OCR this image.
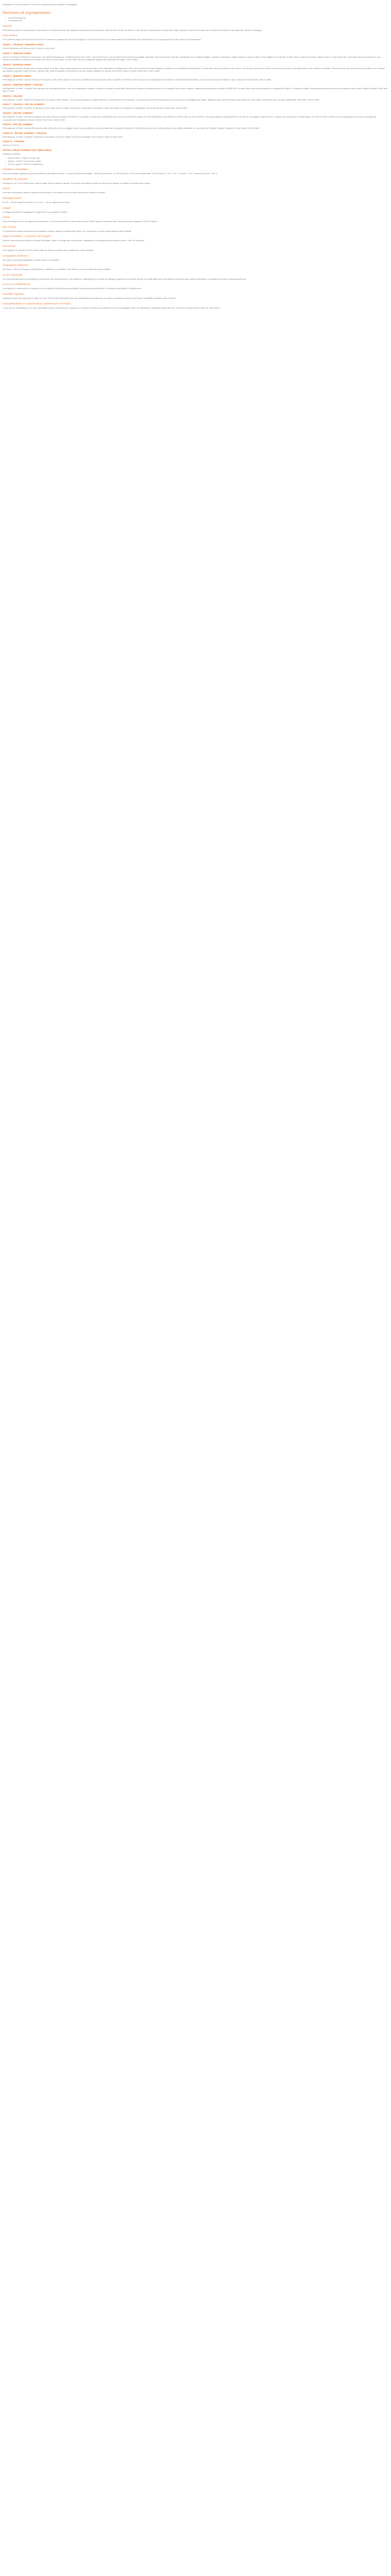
Description Ce prix comprend / Ce prix ne comprend pas Formalités Conciergerie

Services et équipements
• Guide francophone
• Enregistrement
Résumé

Entre envies privées et temps libres, vous partirez à la découverte de deux grandes métropoles aux ambiances : Buenos Aires et Rio de Janeiro. Entre les deux, petite pause au bout des chutes d'Iguazu, une des merveilles de la nature à la frontière entre Argentine, Brésil et Paraguay.

Vous aimerez

Un condensé original de Buenos Aires et Rio de Janeiro en passant par les chutes d'Iguazu. Un circuit actuel pour une découverte en toute liberté. Des temps libres pour vous approprier à votre rythme les villes étapes.

JOUR 1 : FRANCE > BUENOS AIRES

Envol à destination de Buenos Aires. Dîner et nuit à bord.

JOUR 2 : BUENOS AIRES

Arrivée à l'aéroport d'Ezeiza et accueil par notre guide francophone. Transfert jusqu'à votre hôtel. Journée libre pour une première découverte de la capitale argentine. Buenos Aires est une ville cosmopolite aux multiples visages : quartiers historiques, larges avenues, parcs et cafés. Entre tradition et modernité, la ville vibre au rythme du tango. Déjeuner libre. En fin de journée, rencontre avec votre guide qui vous donnera de précieux conseils pour profiter au mieux de votre séjour. Le soir, dîner dans un restaurant typique avec spectacle de tango. Nuit à l'hôtel.

JOUR 3 : BUENOS AIRES

Petit déjeuner à l'hôtel. Départ pour la visite guidée de la ville. Vous commencerez par la Plaza de Mayo, cœur historique et politique de la ville, où se trouvent la Casa Rosada, le Cabildo et la cathédrale métropolitaine. Continuation vers le quartier de San Telmo, l'un des plus anciens de la ville, avec ses rues pavées, ses antiquaires et ses maisons coloniales. Puis découverte de La Boca et de sa célèbre rue Caminito aux façades colorées. Déjeuner libre. L'après-midi, visite du quartier de Recoleta et de son célèbre cimetière où repose Eva Perón. Retour à l'hôtel. Dîner libre. Nuit à l'hôtel.

JOUR 4 : BUENOS AIRES

Petit déjeuner à l'hôtel. Journée libre pour découvrir la ville à votre rythme. Nous vous conseillons une promenade dans le quartier de Palermo avec ses parcs, ses boutiques de créateurs et ses restaurants branchés, ou une excursion dans le delta du Tigre. Déjeuner et dîner libres. Nuit à l'hôtel.

JOUR 5 : BUENOS AIRES > IGUAZU

Petit déjeuner à l'hôtel. Transfert vers l'aéroport de Buenos Aires pour votre vol à destination d'Iguazu. Accueil et transfert à votre hôtel. Après-midi consacré à la découverte du côté argentin des chutes d'Iguazu, classées au patrimoine mondial de l'UNESCO. Un petit train vous mènera jusqu'à la Garganta del Diablo, la Gorge du Diable, impressionnant point de vue sur la puissance des chutes. Retour à l'hôtel. Dîner libre. Nuit à l'hôtel.

JOUR 6 : IGUAZU

Petit déjeuner à l'hôtel. Départ à la découverte des chutes côté brésilien : une vue panoramique exceptionnelle sur l'ensemble des 275 cascades. Une passerelle permet de s'approcher au plus près de la Garganta del Diablo. Déjeuner libre. Après-midi libre pour profiter de votre hôtel ou effectuer une excursion optionnelle. Dîner libre. Nuit à l'hôtel.

JOUR 7 : IGUAZU > RIO DE JANEIRO

Petit déjeuner à l'hôtel. Transfert à l'aéroport et envol pour Rio de Janeiro. Accueil par votre guide et transfert à votre hôtel situé sur la plage de Copacabana. Fin de journée libre. Dîner libre. Nuit à l'hôtel.

JOUR 8 : RIO DE JANEIRO

Petit déjeuner à l'hôtel. Journée consacrée à la visite de Rio de Janeiro. Montée au Corcovado en petit train à crémaillère pour découvrir la célèbre statue du Christ Rédempteur qui domine la ville du haut de ses 38 mètres. Vue panoramique exceptionnelle sur la baie de Guanabara. Déjeuner libre. L'après-midi, ascension en téléphérique au Pain de Sucre, offrant une vue magnifique sur la baie, les plages de Copacabana et d'Ipanema. Retour à l'hôtel. Dîner libre. Nuit à l'hôtel.

JOUR 9 : RIO DE JANEIRO

Petit déjeuner à l'hôtel. Journée libre pour profiter de la ville et de ses plages. Nous vous conseillons une promenade dans le quartier bohème de Santa Teresa avec ses ruelles pavées et ses ateliers d'artistes, ou une visite de l'escalier Selarón. Déjeuner et dîner libres. Nuit à l'hôtel.

JOUR 10 : RIO DE JANEIRO > FRANCE

Petit déjeuner à l'hôtel. Transfert à l'aéroport international de Rio de Janeiro et envol à destination de la France. Dîner et nuit à bord.

JOUR 11 : FRANCE

Arrivée en France.

HÔTELS SÉLECTIONNÉS (OU SIMILAIRES)

Catégorie standard :

• Buenos Aires : Hotel 3* centre-ville
• Iguazu : Hotel 3* proche des chutes
• Rio de Janeiro : Hotel 3* Copacabana
Conditions d'annulation

Frais d'annulation appliqués selon les conditions générales de vente : à plus de 30 jours du départ : 150 € par personne ; de 30 à 21 jours : 25 % du montant total ; de 20 à 8 jours : 50 % ; de 7 à 2 jours : 75 % ; moins de 2 jours : 100 %.

Modalités de paiement

Acompte de 30 % à la réservation, solde à régler 30 jours avant le départ. Pour toute réservation à moins de 30 jours du départ, la totalité du montant sera exigée.

Menus

Les repas mentionnés dans le programme sont inclus. Les boissons ne sont pas incluses sauf mention contraire.

Décalage horaire

En été : -5h par rapport à la France. En hiver : -4h par rapport à la France.

Langue

La langue officielle est l'espagnol en Argentine et le portugais au Brésil.

Climat

Dans l'hémisphère sud, les saisons sont inversées. L'été austral s'étend de décembre à mars. Climat tempéré à Buenos Aires, tropical humide à Iguazu et Rio de Janeiro.

Bon à savoir

Le montant des taxes aériennes est susceptible d'évoluer jusqu'à l'émission des billets. Les horaires de vol sont communiqués à titre indicatif.

Option Facultative : Assistance VIP Aéroport

Service d'accueil personnalisé à l'aéroport de départ : prise en charge dès votre arrivée, assistance à l'enregistrement et accès au salon. Tarif sur demande.

Vols prévus

Vols réguliers au départ de Paris. Autres villes de départ possibles avec supplément, nous consulter.

Compagnies aériennes :

Air France, Aerolineas Argentinas, LATAM, Iberia ou similaires.

Compagnies aériennes :

Air France, Iberia, Air Europa, LATAM Airlines, Lufthansa ou similaires. Vols directs ou avec escale selon disponibilités.

Ce prix comprend

Les vols internationaux et domestiques mentionnés, les taxes aériennes, les transferts, l'hébergement en hôtels de catégorie standard en chambre double, les petits déjeuners, les visites mentionnées avec guide francophone, l'assistance de notre correspondant local.

Ce prix ne comprend pas

Les repas non mentionnés, les boissons, les pourboires, les dépenses personnelles, les excursions optionnelles, l'assurance annulation et rapatriement.

Formalité Argentine

Passeport valide six mois après la date de retour. Pas de visa nécessaire pour les ressortissants français pour un séjour touristique de moins de 90 jours. Formalités identiques pour le Brésil.

CONCIERGERIE ET ASSISTANCE CARREFOUR VOYAGES

Un service de conciergerie est à votre disposition avant et pendant votre voyage pour répondre à toutes vos questions et vous accompagner dans vos démarches. Assistance disponible 7j/7 et 24h/24 pendant toute la durée de votre séjour.
